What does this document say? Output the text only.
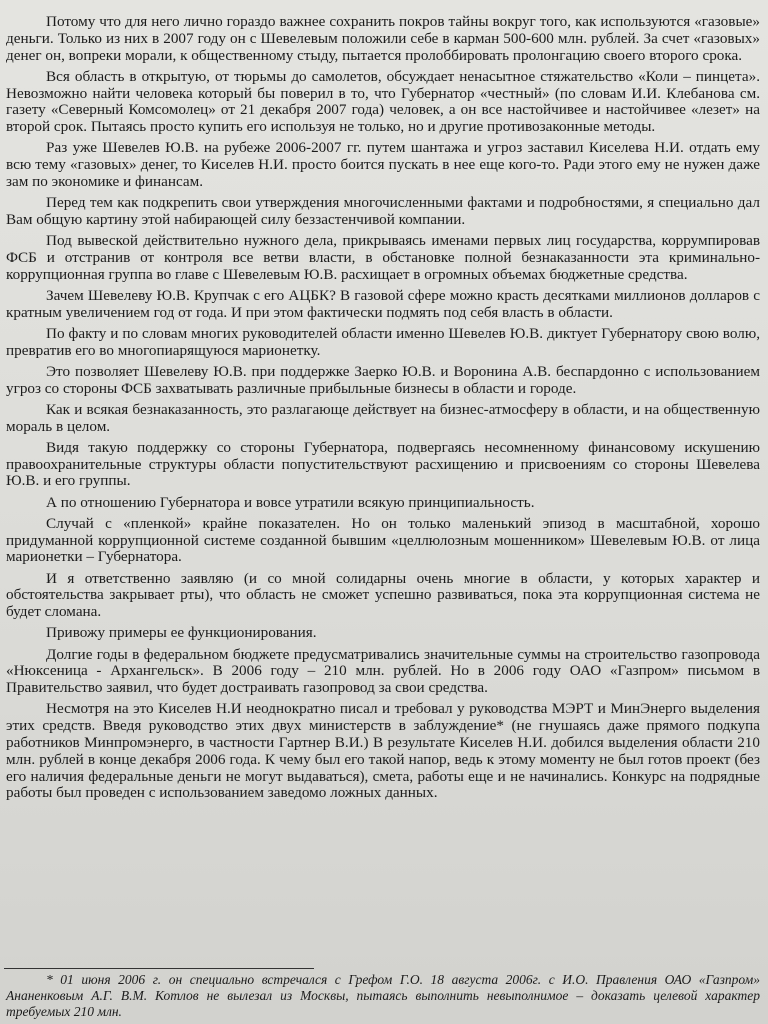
Потому что для него лично гораздо важнее сохранить покров тайны вокруг того, как используются «газовые» деньги. Только из них в 2007 году он с Шевелевым положили себе в карман 500-600 млн. рублей. За счет «газовых» денег он, вопреки морали, к общественному стыду, пытается пролоббировать пролонгацию своего второго срока.

Вся область в открытую, от тюрьмы до самолетов, обсуждает ненасытное стяжательство «Коли – пинцета». Невозможно найти человека который бы поверил в то, что Губернатор «честный» (по словам И.И. Клебанова см. газету «Северный Комсомолец» от 21 декабря 2007 года) человек, а он все настойчивее и настойчивее «лезет» на второй срок. Пытаясь просто купить его используя не только, но и другие противозаконные методы.

Раз уже Шевелев Ю.В. на рубеже 2006-2007 гг. путем шантажа и угроз заставил Киселева Н.И. отдать ему всю тему «газовых» денег, то Киселев Н.И. просто боится пускать в нее еще кого-то. Ради этого ему не нужен даже зам по экономике и финансам.

Перед тем как подкрепить свои утверждения многочисленными фактами и подробностями, я специально дал Вам общую картину этой набирающей силу беззастенчивой компании.

Под вывеской действительно нужного дела, прикрываясь именами первых лиц государства, коррумпировав ФСБ и отстранив от контроля все ветви власти, в обстановке полной безнаказанности эта криминально-коррупционная группа во главе с Шевелевым Ю.В. расхищает в огромных объемах бюджетные средства.

Зачем Шевелеву Ю.В. Крупчак с его АЦБК? В газовой сфере можно красть десятками миллионов долларов с кратным увеличением год от года. И при этом фактически подмять под себя власть в области.

По факту и по словам многих руководителей области именно Шевелев Ю.В. диктует Губернатору свою волю, превратив его во многопиарящуюся марионетку.

Это позволяет Шевелеву Ю.В. при поддержке Заерко Ю.В. и Воронина А.В. беспардонно с использованием угроз со стороны ФСБ захватывать различные прибыльные бизнесы в области и городе.

Как и всякая безнаказанность, это разлагающе действует на бизнес-атмосферу в области, и на общественную мораль в целом.

Видя такую поддержку со стороны Губернатора, подвергаясь несомненному финансовому искушению правоохранительные структуры области попустительствуют расхищению и присвоениям со стороны Шевелева Ю.В. и его группы.

А по отношению Губернатора и вовсе утратили всякую принципиальность.

Случай с «пленкой» крайне показателен. Но он только маленький эпизод в масштабной, хорошо придуманной коррупционной системе созданной бывшим «целлюлозным мошенником» Шевелевым Ю.В. от лица марионетки – Губернатора.

И я ответственно заявляю (и со мной солидарны очень многие в области, у которых характер и обстоятельства закрывает рты), что область не сможет успешно развиваться, пока эта коррупционная система не будет сломана.

Привожу примеры ее функционирования.

Долгие годы в федеральном бюджете предусматривались значительные суммы на строительство газопровода «Нюксеница - Архангельск». В 2006 году – 210 млн. рублей. Но в 2006 году ОАО «Газпром» письмом в Правительство заявил, что будет достраивать газопровод за свои средства.

Несмотря на это Киселев Н.И неоднократно писал и требовал у руководства МЭРТ и МинЭнерго выделения этих средств. Введя руководство этих двух министерств в заблуждение* (не гнушаясь даже прямого подкупа работников Минпромэнерго, в частности Гартнер В.И.) В результате Киселев Н.И. добился выделения области 210 млн. рублей в конце декабря 2006 года. К чему был его такой напор, ведь к этому моменту не был готов проект (без его наличия федеральные деньги не могут выдаваться), смета, работы еще и не начинались. Конкурс на подрядные работы был проведен с использованием заведомо ложных данных.

* 01 июня 2006 г. он специально встречался с Грефом Г.О. 18 августа 2006г. с И.О. Правления ОАО «Газпром» Ананенковым А.Г. В.М. Котлов не вылезал из Москвы, пытаясь выполнить невыполнимое – доказать целевой характер требуемых 210 млн.
